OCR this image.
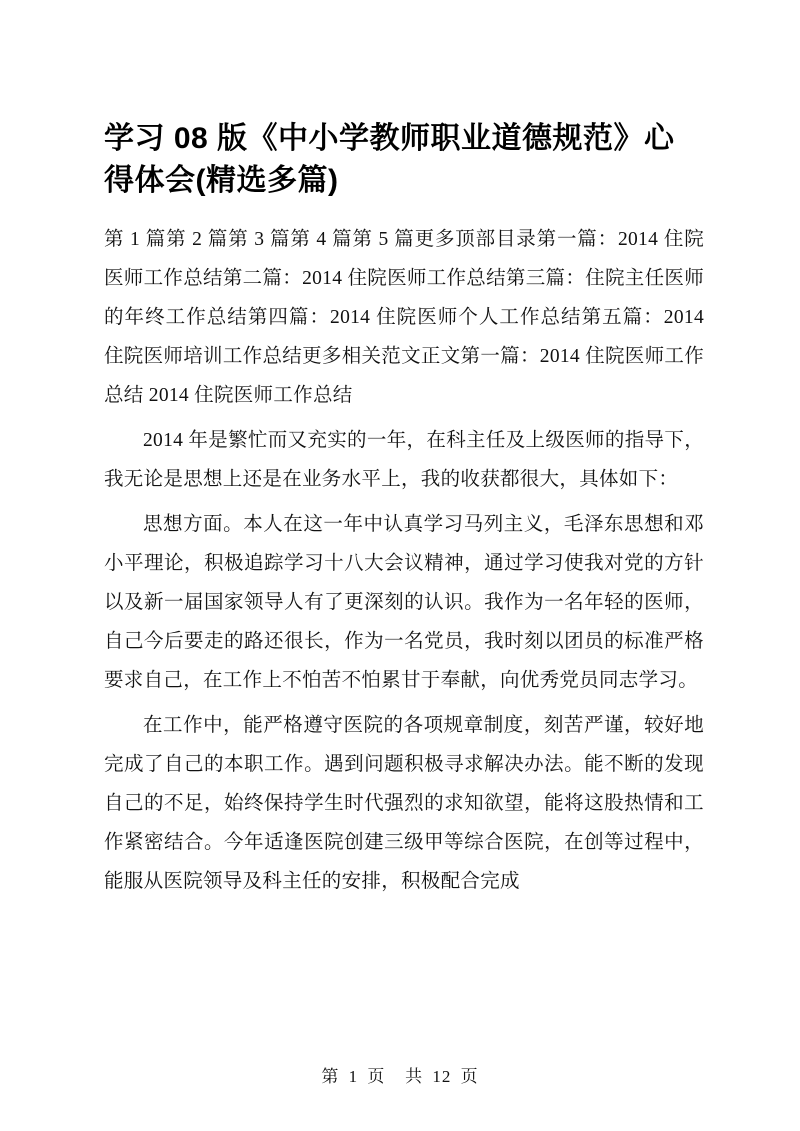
学习 08 版《中小学教师职业道德规范》心得体会(精选多篇)

第 1 篇第 2 篇第 3 篇第 4 篇第 5 篇更多顶部目录第一篇：2014 住院医师工作总结第二篇：2014 住院医师工作总结第三篇：住院主任医师的年终工作总结第四篇：2014 住院医师个人工作总结第五篇：2014 住院医师培训工作总结更多相关范文正文第一篇：2014 住院医师工作总结 2014 住院医师工作总结

2014 年是繁忙而又充实的一年，在科主任及上级医师的指导下，我无论是思想上还是在业务水平上，我的收获都很大，具体如下：

思想方面。本人在这一年中认真学习马列主义，毛泽东思想和邓小平理论，积极追踪学习十八大会议精神，通过学习使我对党的方针以及新一届国家领导人有了更深刻的认识。我作为一名年轻的医师，自己今后要走的路还很长，作为一名党员，我时刻以团员的标准严格要求自己，在工作上不怕苦不怕累甘于奉献，向优秀党员同志学习。

在工作中，能严格遵守医院的各项规章制度，刻苦严谨，较好地完成了自己的本职工作。遇到问题积极寻求解决办法。能不断的发现自己的不足，始终保持学生时代强烈的求知欲望，能将这股热情和工作紧密结合。今年适逢医院创建三级甲等综合医院，在创等过程中，能服从医院领导及科主任的安排，积极配合完成

第 1 页 共 12 页
